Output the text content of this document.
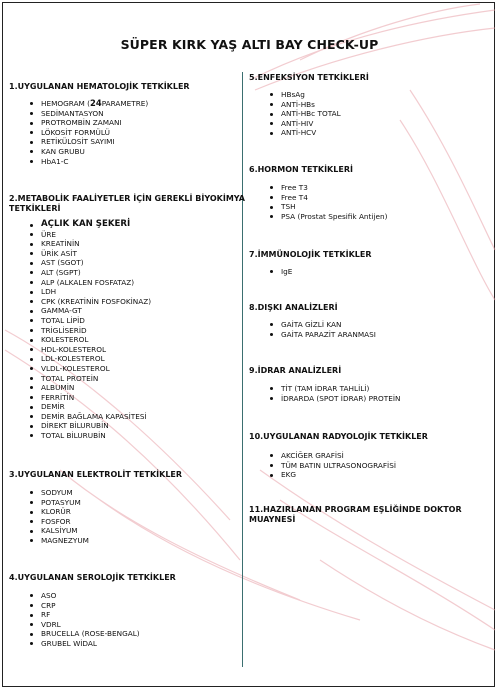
SÜPER KIRK YAŞ ALTI BAY CHECK-UP
1.UYGULANAN HEMATOLOJİK TETKİKLER
HEMOGRAM (24PARAMETRE)
SEDİMANTASYON
PROTROMBİN ZAMANI
LÖKOSİT FORMÜLÜ
RETİKÜLOSİT SAYIMI
KAN GRUBU
HbA1-C
2.METABOLİK FAALİYETLER İÇİN GEREKLİ BİYOKİMYA
TETKİKLERİ
AÇLIK KAN ŞEKERİ
ÜRE
KREATİNİN
ÜRİK ASİT
AST (SGOT)
ALT (SGPT)
ALP (ALKALEN FOSFATAZ)
LDH
CPK (KREATİNİN FOSFOKİNAZ)
GAMMA-GT
TOTAL LİPİD
TRİGLİSERİD
KOLESTEROL
HDL-KOLESTEROL
LDL-KOLESTEROL
VLDL-KOLESTEROL
TOTAL PROTEİN
ALBUMİN
FERRİTİN
DEMİR
DEMİR BAĞLAMA KAPASİTESİ
DİREKT BİLURUBİN
TOTAL BİLURUBİN
3.UYGULANAN ELEKTROLİT TETKİKLER
SODYUM
POTASYUM
KLORÜR
FOSFOR
KALSİYUM
MAGNEZYUM
4.UYGULANAN SEROLOJİK TETKİKLER
ASO
CRP
RF
VDRL
BRUCELLA (ROSE-BENGAL)
GRUBEL WİDAL
5.ENFEKSİYON TETKİKLERİ
HBsAg
ANTİ-HBs
ANTİ-HBc TOTAL
ANTİ-HIV
ANTİ-HCV
6.HORMON TETKİKLERİ
Free T3
Free T4
TSH
PSA (Prostat Spesifik Antijen)
7.İMMÜNOLOJİK TETKİKLER
IgE
8.DIŞKI ANALİZLERİ
GAİTA GİZLİ KAN
GAİTA PARAZİT ARANMASI
9.İDRAR ANALİZLERİ
TİT (TAM İDRAR TAHLİLİ)
İDRARDA (SPOT İDRAR) PROTEİN
10.UYGULANAN RADYOLOJİK TETKİKLER
AKCİĞER GRAFİSİ
TÜM BATIN ULTRASONOGRAFİSİ
EKG
11.HAZIRLANAN PROGRAM EŞLİĞİNDE DOKTOR MUAYNESİ
